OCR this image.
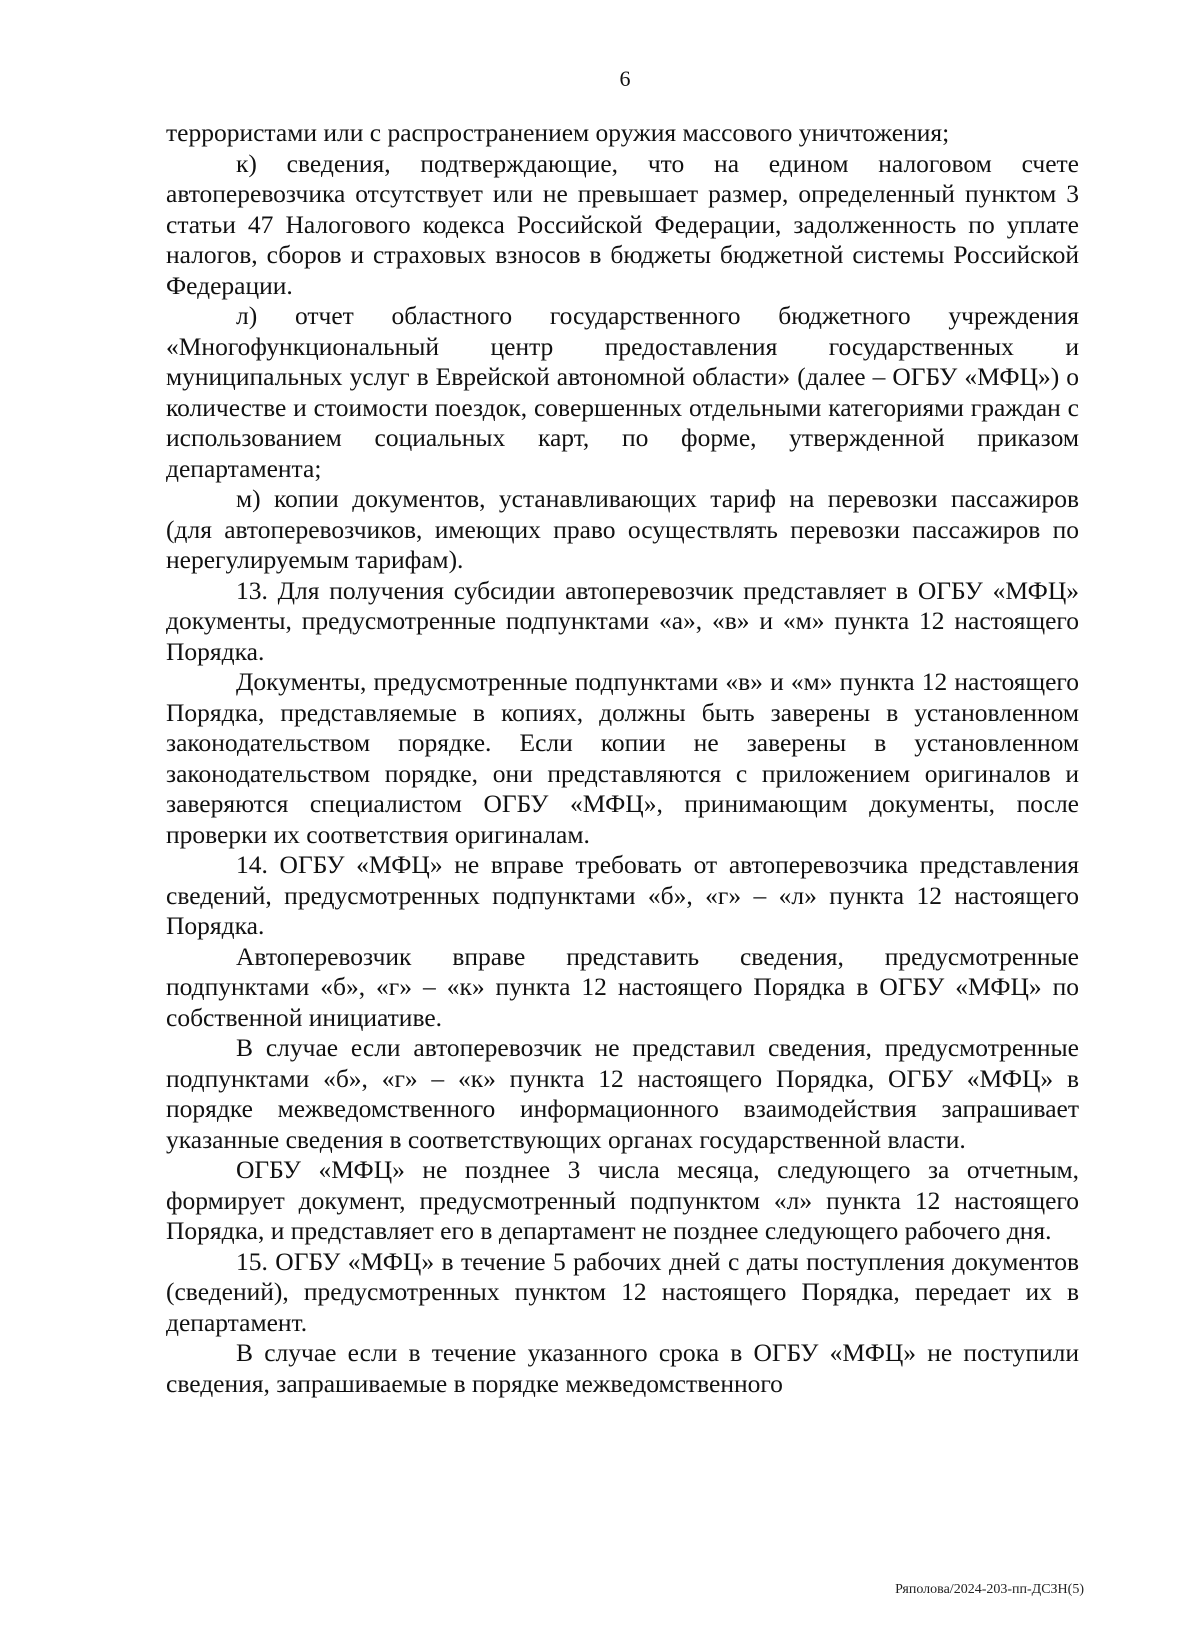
6

террористами или с распространением оружия массового уничтожения;

к) сведения, подтверждающие, что на едином налоговом счете автоперевозчика отсутствует или не превышает размер, определенный пунктом 3 статьи 47 Налогового кодекса Российской Федерации, задолженность по уплате налогов, сборов и страховых взносов в бюджеты бюджетной системы Российской Федерации.

л) отчет областного государственного бюджетного учреждения «Многофункциональный центр предоставления государственных и муниципальных услуг в Еврейской автономной области» (далее – ОГБУ «МФЦ») о количестве и стоимости поездок, совершенных отдельными категориями граждан с использованием социальных карт, по форме, утвержденной приказом департамента;

м) копии документов, устанавливающих тариф на перевозки пассажиров (для автоперевозчиков, имеющих право осуществлять перевозки пассажиров по нерегулируемым тарифам).

13. Для получения субсидии автоперевозчик представляет в ОГБУ «МФЦ» документы, предусмотренные подпунктами «а», «в» и «м» пункта 12 настоящего Порядка.

Документы, предусмотренные подпунктами «в» и «м» пункта 12 настоящего Порядка, представляемые в копиях, должны быть заверены в установленном законодательством порядке. Если копии не заверены в установленном законодательством порядке, они представляются с приложением оригиналов и заверяются специалистом ОГБУ «МФЦ», принимающим документы, после проверки их соответствия оригиналам.

14. ОГБУ «МФЦ» не вправе требовать от автоперевозчика представления сведений, предусмотренных подпунктами «б», «г» – «л» пункта 12 настоящего Порядка.

Автоперевозчик вправе представить сведения, предусмотренные подпунктами «б», «г» – «к» пункта 12 настоящего Порядка в ОГБУ «МФЦ» по собственной инициативе.

В случае если автоперевозчик не представил сведения, предусмотренные подпунктами «б», «г» – «к» пункта 12 настоящего Порядка, ОГБУ «МФЦ» в порядке межведомственного информационного взаимодействия запрашивает указанные сведения в соответствующих органах государственной власти.

ОГБУ «МФЦ» не позднее 3 числа месяца, следующего за отчетным, формирует документ, предусмотренный подпунктом «л» пункта 12 настоящего Порядка, и представляет его в департамент не позднее следующего рабочего дня.

15. ОГБУ «МФЦ» в течение 5 рабочих дней с даты поступления документов (сведений), предусмотренных пунктом 12 настоящего Порядка, передает их в департамент.

В случае если в течение указанного срока в ОГБУ «МФЦ» не поступили сведения, запрашиваемые в порядке межведомственного

Ряполова/2024-203-пп-ДСЗН(5)
